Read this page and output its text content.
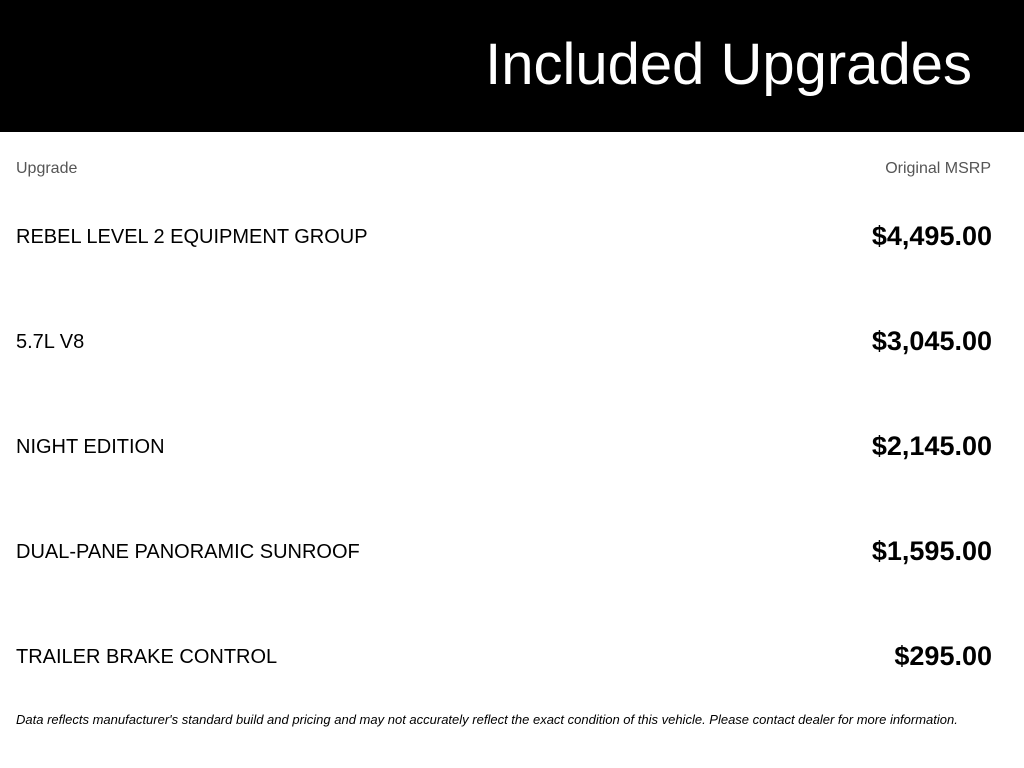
Included Upgrades
Upgrade	Original MSRP
REBEL LEVEL 2 EQUIPMENT GROUP	$4,495.00
5.7L V8	$3,045.00
NIGHT EDITION	$2,145.00
DUAL-PANE PANORAMIC SUNROOF	$1,595.00
TRAILER BRAKE CONTROL	$295.00
Data reflects manufacturer's standard build and pricing and may not accurately reflect the exact condition of this vehicle. Please contact dealer for more information.
